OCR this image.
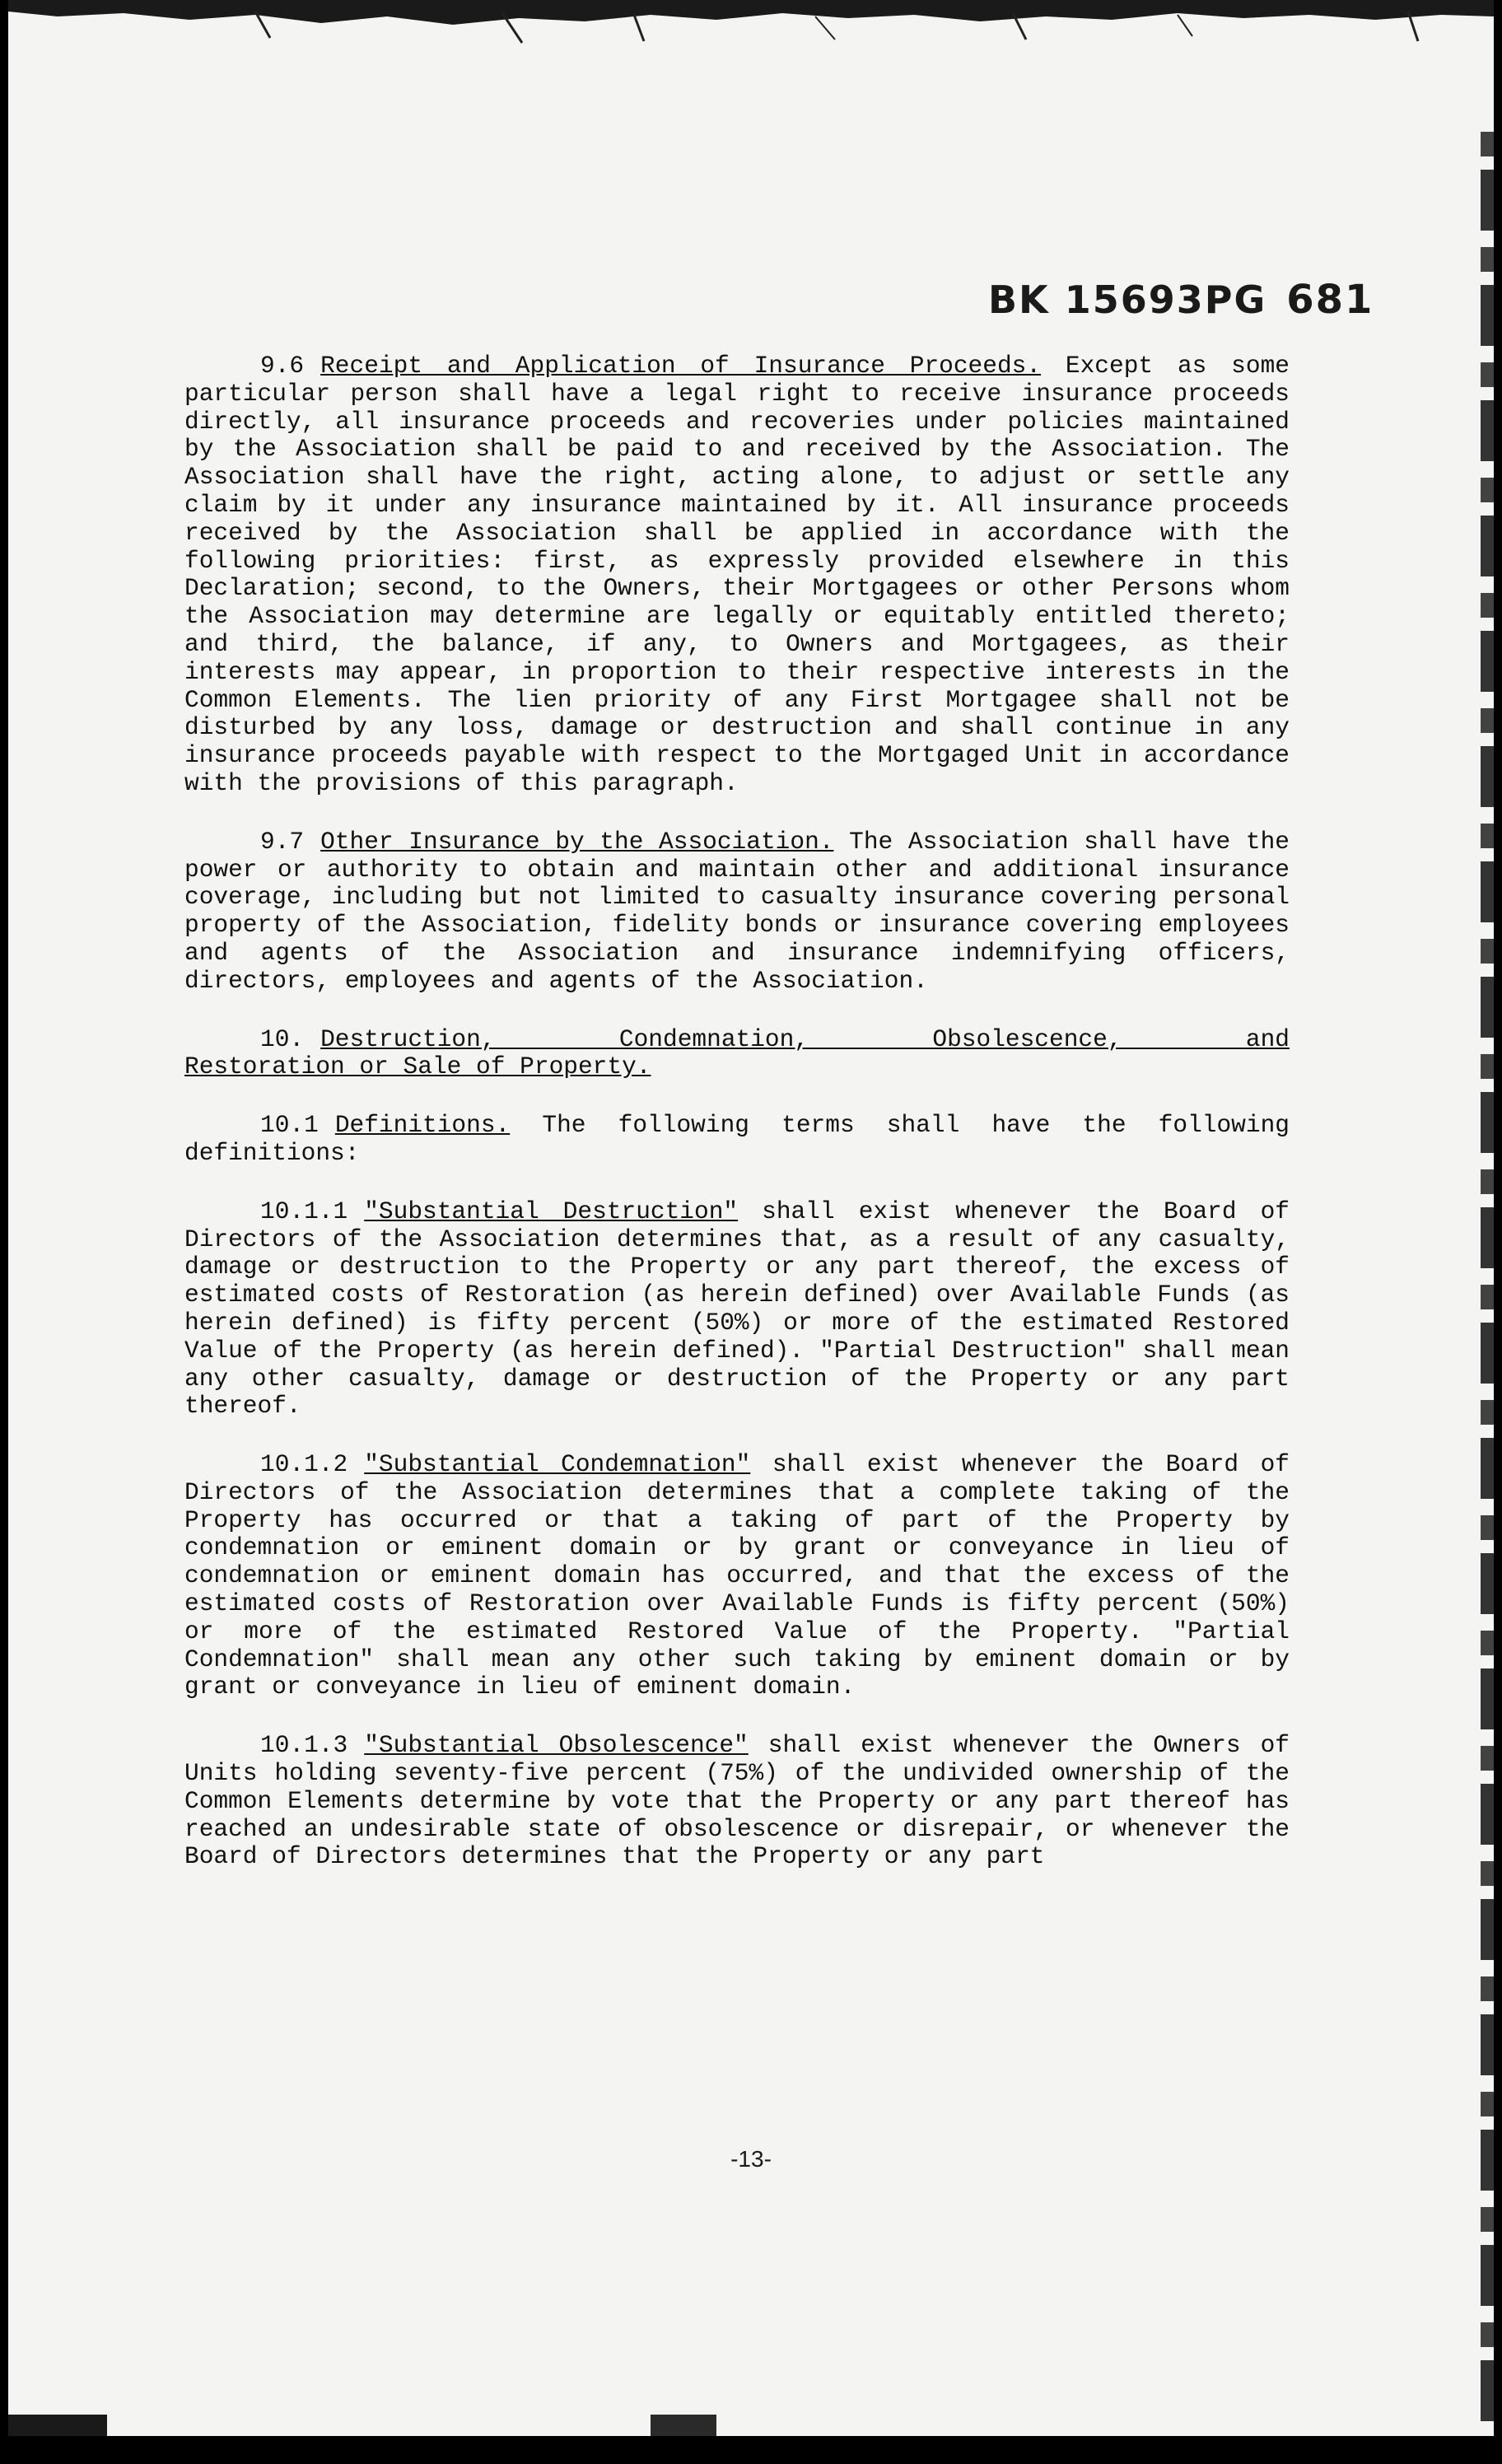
BK 15693PG 681

9.6 Receipt and Application of Insurance Proceeds. Except as some particular person shall have a legal right to receive insurance proceeds directly, all insurance proceeds and recoveries under policies maintained by the Association shall be paid to and received by the Association. The Association shall have the right, acting alone, to adjust or settle any claim by it under any insurance maintained by it. All insurance proceeds received by the Association shall be applied in accordance with the following priorities: first, as expressly provided elsewhere in this Declaration; second, to the Owners, their Mortgagees or other Persons whom the Association may determine are legally or equitably entitled thereto; and third, the balance, if any, to Owners and Mortgagees, as their interests may appear, in proportion to their respective interests in the Common Elements. The lien priority of any First Mortgagee shall not be disturbed by any loss, damage or destruction and shall continue in any insurance proceeds payable with respect to the Mortgaged Unit in accordance with the provisions of this paragraph.

9.7 Other Insurance by the Association. The Association shall have the power or authority to obtain and maintain other and additional insurance coverage, including but not limited to casualty insurance covering personal property of the Association, fidelity bonds or insurance covering employees and agents of the Association and insurance indemnifying officers, directors, employees and agents of the Association.

10. Destruction, Condemnation, Obsolescence, and
Restoration or Sale of Property.

10.1 Definitions. The following terms shall have the following definitions:

10.1.1 "Substantial Destruction" shall exist whenever the Board of Directors of the Association determines that, as a result of any casualty, damage or destruction to the Property or any part thereof, the excess of estimated costs of Restoration (as herein defined) over Available Funds (as herein defined) is fifty percent (50%) or more of the estimated Restored Value of the Property (as herein defined). "Partial Destruction" shall mean any other casualty, damage or destruction of the Property or any part thereof.

10.1.2 "Substantial Condemnation" shall exist whenever the Board of Directors of the Association determines that a complete taking of the Property has occurred or that a taking of part of the Property by condemnation or eminent domain or by grant or conveyance in lieu of condemnation or eminent domain has occurred, and that the excess of the estimated costs of Restoration over Available Funds is fifty percent (50%) or more of the estimated Restored Value of the Property. "Partial Condemnation" shall mean any other such taking by eminent domain or by grant or conveyance in lieu of eminent domain.

10.1.3 "Substantial Obsolescence" shall exist whenever the Owners of Units holding seventy-five percent (75%) of the undivided ownership of the Common Elements determine by vote that the Property or any part thereof has reached an undesirable state of obsolescence or disrepair, or whenever the Board of Directors determines that the Property or any part

-13-
